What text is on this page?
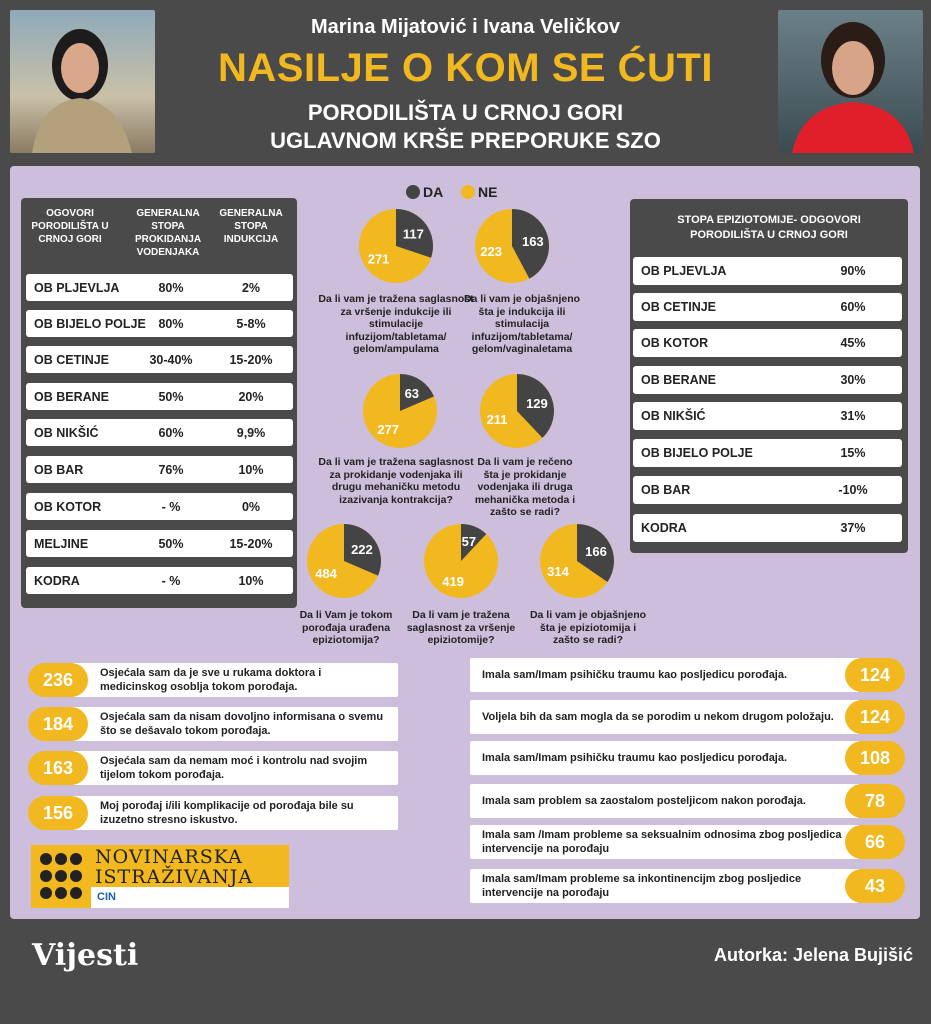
Marina Mijatović i Ivana Veličkov
NASILJE O KOM SE ĆUTI
PORODILIŠTA U CRNOJ GORI
UGLAVNOM KRŠE PREPORUKE SZO
OGOVORI PORODILIŠTA U CRNOJ GORI
GENERALNA STOPA PROKIDANJA VODENJAKA
GENERALNA STOPA INDUKCIJA
OB PLJEVLJA	80%	2%
OB BIJELO POLJE	80%	5-8%
OB CETINJE	30-40%	15-20%
OB BERANE	50%	20%
OB NIKŠIĆ	60%	9,9%
OB BAR	76%	10%
OB KOTOR	- %	0%
MELJINE	50%	15-20%
KODRA	- %	10%
STOPA EPIZIOTOMIJE- ODGOVORI PORODILIŠTA U CRNOJ GORI
OB PLJEVLJA	90%
OB CETINJE	60%
OB KOTOR	45%
OB BERANE	30%
OB NIKŠIĆ	31%
OB BIJELO POLJE	15%
OB BAR	-10%
KODRA	37%
DA NE
117
271
Da li vam je tražena saglasnost za vršenje indukcije ili stimulacije infuzijom/tabletama/ gelom/ampulama
163
223
Da li vam je objašnjeno šta je indukcija ili stimulacija infuzijom/tabletama/ gelom/vaginaletama
63
277
Da li vam je tražena saglasnost za prokidanje vodenjaka ili drugu mehaničku metodu izazivanja kontrakcija?
129
211
Da li vam je rečeno šta je prokidanje vodenjaka ili druga mehanička metoda i zašto se radi?
222
484
Da li Vam je tokom porođaja urađena epiziotomija?
57
419
Da li vam je tražena saglasnost za vršenje epiziotomije?
166
314
Da li vam je objašnjeno šta je epiziotomija i zašto se radi?
Osjećala sam da je sve u rukama doktora i medicinskog osoblja tokom porođaja.
236
Osjećala sam da nisam dovoljno informisana o svemu što se dešavalo tokom porođaja.
184
Osjećala sam da nemam moć i kontrolu nad svojim tijelom tokom porođaja.
163
Moj porođaj i/ili komplikacije od porođaja bile su izuzetno stresno iskustvo.
156
Imala sam/Imam psihičku traumu kao posljedicu porođaja.	124
Voljela bih da sam mogla da se porodim u nekom drugom položaju.	124
Imala sam/Imam psihičku traumu kao posljedicu porođaja.	108
Imala sam problem sa zaostalom posteljicom nakon porođaja.	78
Imala sam /Imam probleme sa seksualnim odnosima zbog posljedica intervencije na porođaju	66
Imala sam/Imam probleme sa inkontinencijm zbog posljedice intervencije na porođaju	43
NOVINARSKA
ISTRAŽIVANJA
CIN
Vijesti	Autorka: Jelena Bujišić
